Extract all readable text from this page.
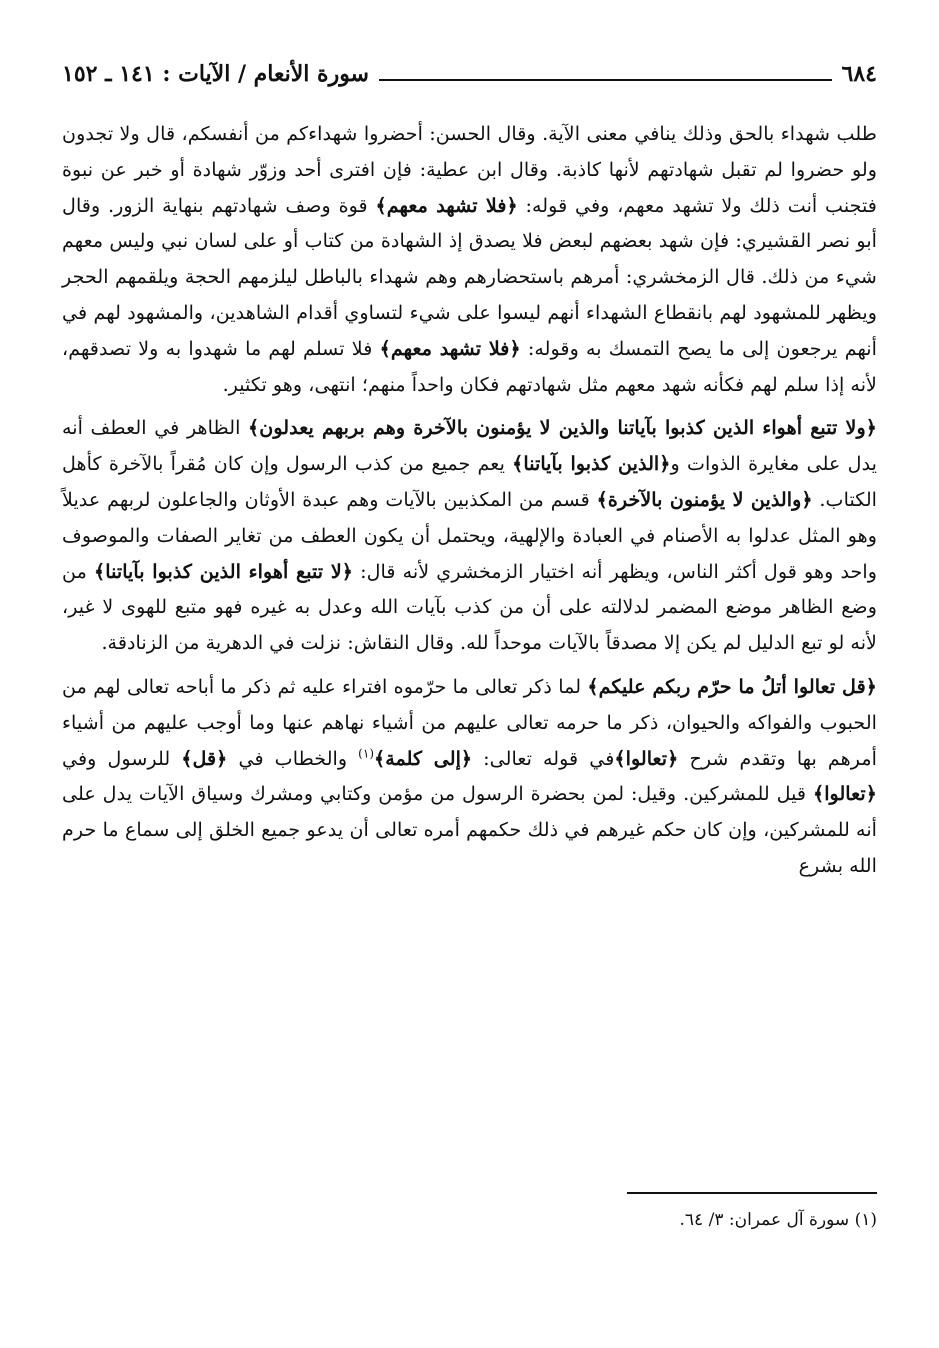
٦٨٤
سورة الأنعام / الآيات : ١٤١ ـ ١٥٢

طلب شهداء بالحق وذلك ينافي معنى الآية. وقال الحسن: أحضروا شهداءكم من أنفسكم، قال ولا تجدون ولو حضروا لم تقبل شهادتهم لأنها كاذبة. وقال ابن عطية: فإن افترى أحد وزوّر شهادة أو خبر عن نبوة فتجنب أنت ذلك ولا تشهد معهم، وفي قوله: ﴿فلا تشهد معهم﴾ قوة وصف شهادتهم بنهاية الزور. وقال أبو نصر القشيري: فإن شهد بعضهم لبعض فلا يصدق إذ الشهادة من كتاب أو على لسان نبي وليس معهم شيء من ذلك. قال الزمخشري: أمرهم باستحضارهم وهم شهداء بالباطل ليلزمهم الحجة ويلقمهم الحجر ويظهر للمشهود لهم بانقطاع الشهداء أنهم ليسوا على شيء لتساوي أقدام الشاهدين، والمشهود لهم في أنهم يرجعون إلى ما يصح التمسك به وقوله: ﴿فلا تشهد معهم﴾ فلا تسلم لهم ما شهدوا به ولا تصدقهم، لأنه إذا سلم لهم فكأنه شهد معهم مثل شهادتهم فكان واحداً منهم؛ انتهى، وهو تكثير.

﴿ولا تتبع أهواء الذين كذبوا بآياتنا والذين لا يؤمنون بالآخرة وهم بربهم يعدلون﴾ الظاهر في العطف أنه يدل على مغايرة الذوات و﴿الذين كذبوا بآياتنا﴾ يعم جميع من كذب الرسول وإن كان مُقراً بالآخرة كأهل الكتاب. ﴿والذين لا يؤمنون بالآخرة﴾ قسم من المكذبين بالآيات وهم عبدة الأوثان والجاعلون لربهم عديلاً وهو المثل عدلوا به الأصنام في العبادة والإلهية، ويحتمل أن يكون العطف من تغاير الصفات والموصوف واحد وهو قول أكثر الناس، ويظهر أنه اختيار الزمخشري لأنه قال: ﴿لا تتبع أهواء الذين كذبوا بآياتنا﴾ من وضع الظاهر موضع المضمر لدلالته على أن من كذب بآيات الله وعدل به غيره فهو متبع للهوى لا غير، لأنه لو تبع الدليل لم يكن إلا مصدقاً بالآيات موحداً لله. وقال النقاش: نزلت في الدهرية من الزنادقة.

﴿قل تعالوا أتلُ ما حرّم ربكم عليكم﴾ لما ذكر تعالى ما حرّموه افتراء عليه ثم ذكر ما أباحه تعالى لهم من الحبوب والفواكه والحيوان، ذكر ما حرمه تعالى عليهم من أشياء نهاهم عنها وما أوجب عليهم من أشياء أمرهم بها وتقدم شرح ﴿تعالوا﴾في قوله تعالى: ﴿إلى كلمة﴾$^{(١)}$ والخطاب في ﴿قل﴾ للرسول وفي ﴿تعالوا﴾ قيل للمشركين. وقيل: لمن بحضرة الرسول من مؤمن وكتابي ومشرك وسياق الآيات يدل على أنه للمشركين، وإن كان حكم غيرهم في ذلك حكمهم أمره تعالى أن يدعو جميع الخلق إلى سماع ما حرم الله بشرع

(١) سورة آل عمران: ٣/ ٦٤.
